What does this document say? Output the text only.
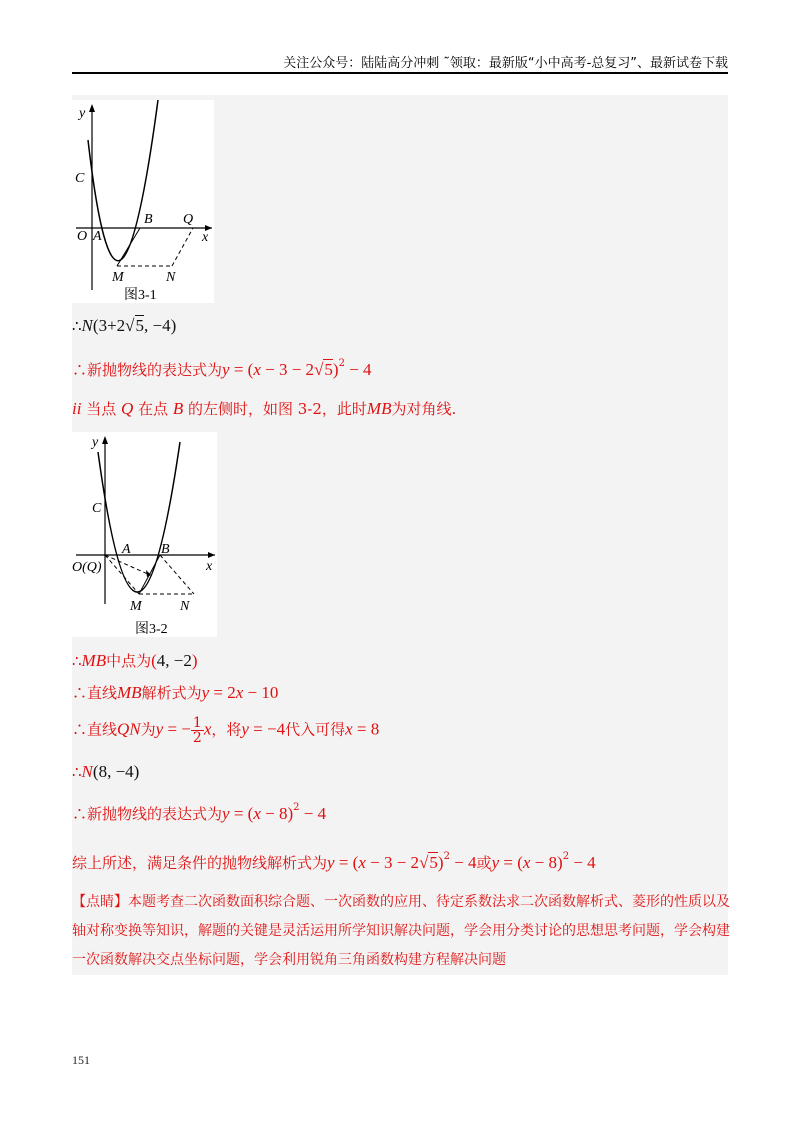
关注公众号：陆陆高分冲刺 ˜领取：最新版“小中高考-总复习”、最新试卷下载
y
C
O A
B Q
x
M	N
图3-1
∴N(3+2√5, −4)
∴新抛物线的表达式为$y = (x - 3 - 2√5)^2 - 4$
ii 当点 Q 在点 B 的左侧时，如图 3-2，此时MB为对角线.
y
C
A B
x
O(Q)
M	N
图3-2
∴MB中点为(4, −2)
∴直线MB解析式为y = 2x − 10
∴直线QN为y = − $\frac{1}{2}$ x，将y = −4代入可得x = 8
∴N(8, −4)
∴新抛物线的表达式为$y = (x - 8)^2 - 4$
综上所述，满足条件的抛物线解析式为$y = (x - 3 - 2√5)^2 - 4$或$y = (x - 8)^2 - 4$
【点睛】本题考查二次函数面积综合题、一次函数的应用、待定系数法求二次函数解析式、菱形的性质以及轴对称变换等知识，解题的关键是灵活运用所学知识解决问题，学会用分类讨论的思想思考问题，学会构建一次函数解决交点坐标问题，学会利用锐角三角函数构建方程解决问题
151
